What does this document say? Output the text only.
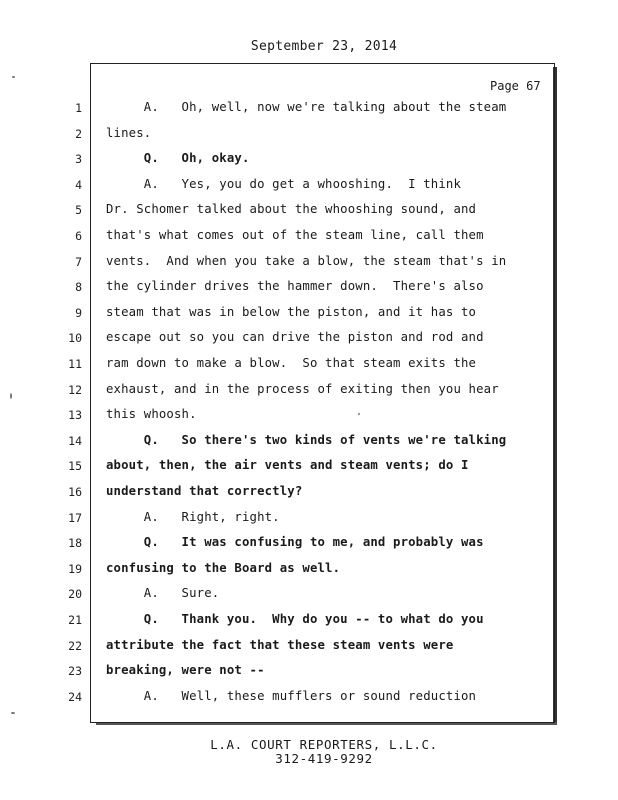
September 23, 2014
Page 67
1 A.   Oh, well, now we're talking about the steam
2 lines.
3 Q.   Oh, okay.
4 A.   Yes, you do get a whooshing.  I think
5 Dr. Schomer talked about the whooshing sound, and
6 that's what comes out of the steam line, call them
7 vents.  And when you take a blow, the steam that's in
8 the cylinder drives the hammer down.  There's also
9 steam that was in below the piston, and it has to
10 escape out so you can drive the piston and rod and
11 ram down to make a blow.  So that steam exits the
12 exhaust, and in the process of exiting then you hear
13 this whoosh.
14 Q.   So there's two kinds of vents we're talking
15 about, then, the air vents and steam vents; do I
16 understand that correctly?
17 A.   Right, right.
18 Q.   It was confusing to me, and probably was
19 confusing to the Board as well.
20 A.   Sure.
21 Q.   Thank you.  Why do you -- to what do you
22 attribute the fact that these steam vents were
23 breaking, were not --
24 A.   Well, these mufflers or sound reduction
L.A. COURT REPORTERS, L.L.C.
312-419-9292
